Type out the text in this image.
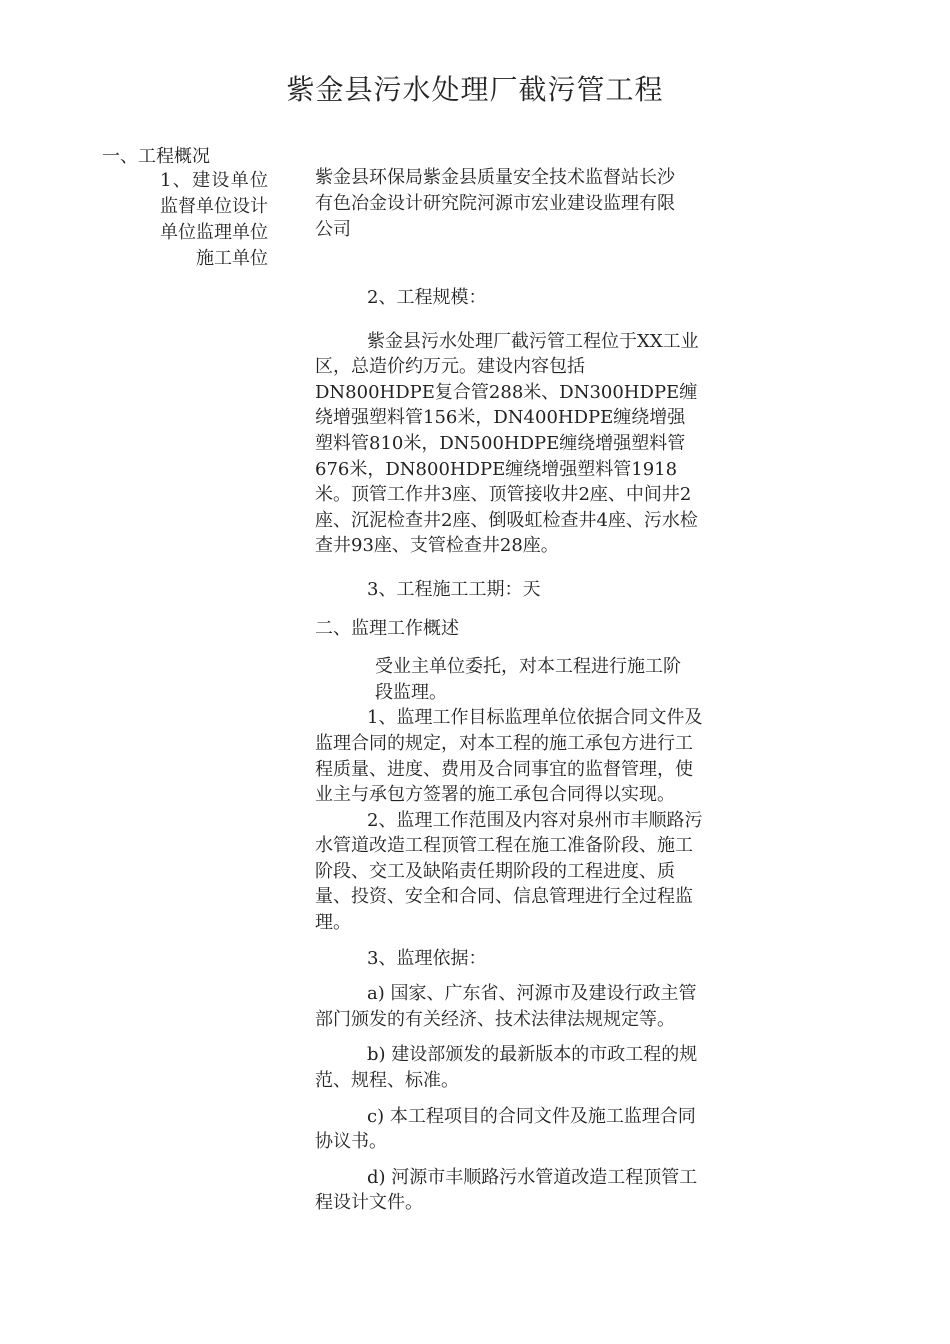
紫金县污水处理厂截污管工程
一、工程概况
1、建设单位监督单位设计单位监理单位施工单位
紫金县环保局紫金县质量安全技术监督站长沙有色冶金设计研究院河源市宏业建设监理有限公司

2、工程规模：

紫金县污水处理厂截污管工程位于XX工业区，总造价约万元。建设内容包括DN800HDPE复合管288米、DN300HDPE缠绕增强塑料管156米，DN400HDPE缠绕增强塑料管810米，DN500HDPE缠绕增强塑料管676米，DN800HDPE缠绕增强塑料管1918米。顶管工作井3座、顶管接收井2座、中间井2座、沉泥检查井2座、倒吸虹检查井4座、污水检查井93座、支管检查井28座。

3、工程施工工期：天

二、监理工作概述

受业主单位委托，对本工程进行施工阶段监理。

1、监理工作目标监理单位依据合同文件及监理合同的规定，对本工程的施工承包方进行工程质量、进度、费用及合同事宜的监督管理，使业主与承包方签署的施工承包合同得以实现。

2、监理工作范围及内容对泉州市丰顺路污水管道改造工程顶管工程在施工准备阶段、施工阶段、交工及缺陷责任期阶段的工程进度、质量、投资、安全和合同、信息管理进行全过程监理。

3、监理依据：

a) 国家、广东省、河源市及建设行政主管部门颁发的有关经济、技术法律法规规定等。

b) 建设部颁发的最新版本的市政工程的规范、规程、标准。

c) 本工程项目的合同文件及施工监理合同协议书。

d) 河源市丰顺路污水管道改造工程顶管工程设计文件。
